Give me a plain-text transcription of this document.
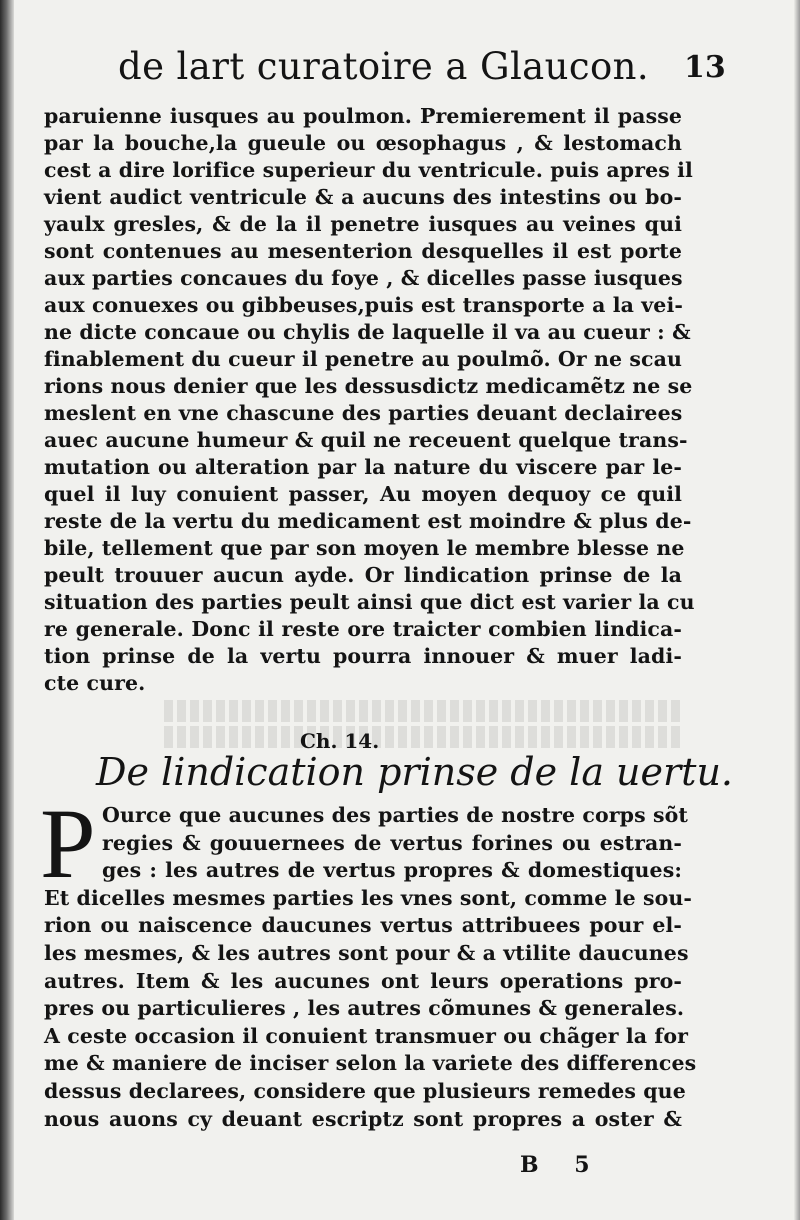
de lart curatoire a Glaucon. 13
paruienne iusques au poulmon. Premierement il passe
par la bouche,la gueule ou œsophagus , & lestomach
cest a dire lorifice superieur du ventricule. puis apres il
vient audict ventricule & a aucuns des intestins ou bo-
yaulx gresles, & de la il penetre iusques au veines qui
sont contenues au mesenterion desquelles il est porte
aux parties concaues du foye , & dicelles passe iusques
aux conuexes ou gibbeuses,puis est transporte a la vei-
ne dicte concaue ou chylis de laquelle il va au cueur : &
finablement du cueur il penetre au poulmõ. Or ne scau
rions nous denier que les dessusdictz medicamẽtz ne se
meslent en vne chascune des parties deuant declairees
auec aucune humeur & quil ne receuent quelque trans-
mutation ou alteration par la nature du viscere par le-
quel il luy conuient passer, Au moyen dequoy ce quil
reste de la vertu du medicament est moindre & plus de-
bile, tellement que par son moyen le membre blesse ne
peult trouuer aucun ayde. Or lindication prinse de la
situation des parties peult ainsi que dict est varier la cu
re generale. Donc il reste ore traicter combien lindica-
tion prinse de la vertu pourra innouer & muer ladi-
cte cure.
Ch. 14.
De lindication prinse de la uertu.
P Ource que aucunes des parties de nostre corps sõt
regies & gouuernees de vertus forines ou estran-
ges : les autres de vertus propres & domestiques:
Et dicelles mesmes parties les vnes sont, comme le sou-
rion ou naiscence daucunes vertus attribuees pour el-
les mesmes, & les autres sont pour & a vtilite daucunes
autres. Item & les aucunes ont leurs operations pro-
pres ou particulieres , les autres cõmunes & generales.
A ceste occasion il conuient transmuer ou chãger la for
me & maniere de inciser selon la variete des differences
dessus declarees, considere que plusieurs remedes que
nous auons cy deuant escriptz sont propres a oster &
B 5
